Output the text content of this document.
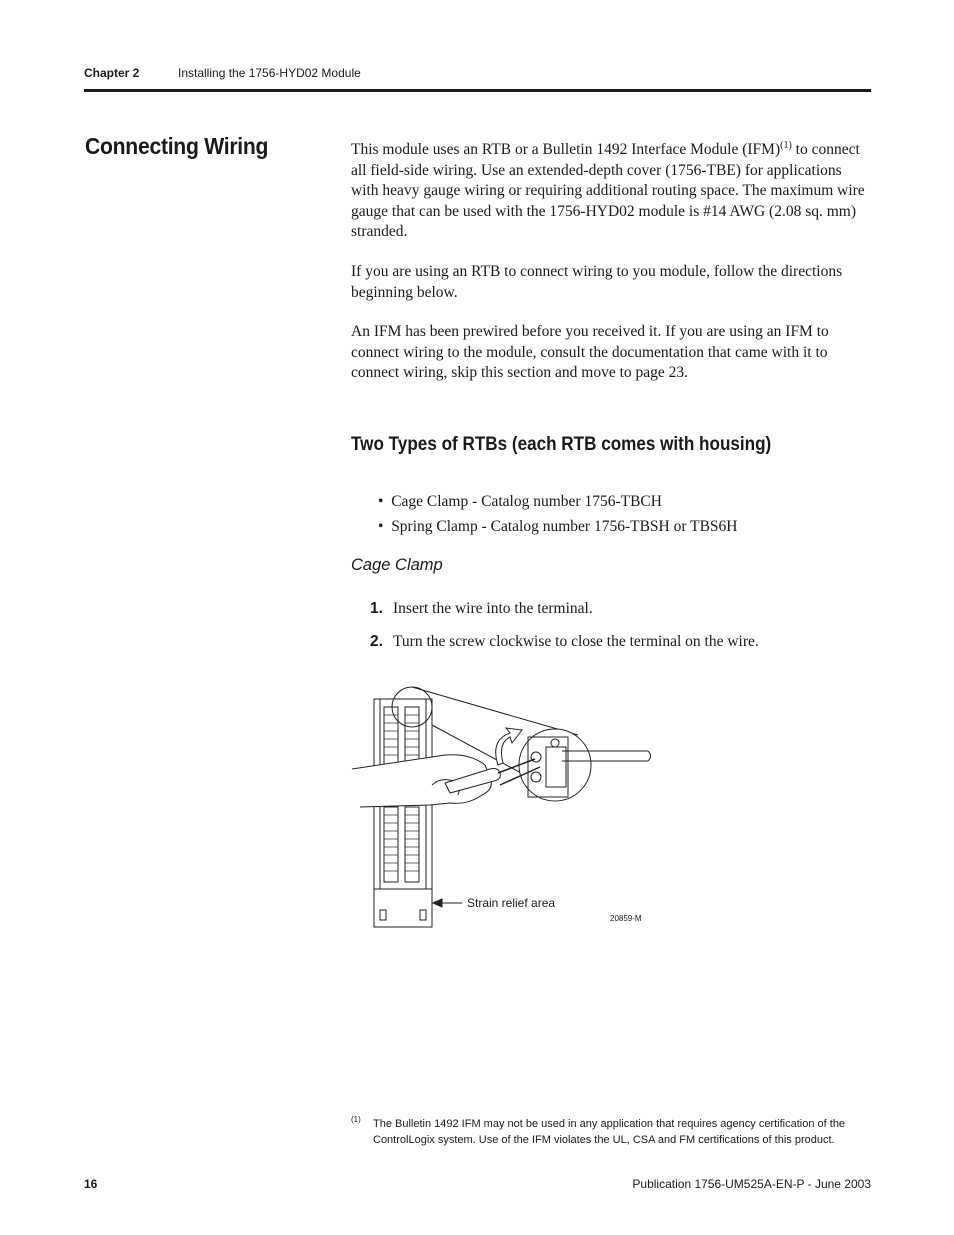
Chapter 2	Installing the 1756-HYD02 Module
Connecting Wiring	This module uses an RTB or a Bulletin 1492 Interface Module (IFM)$^{(1)}$ to connect all field-side wiring. Use an extended-depth cover (1756-TBE) for applications with heavy gauge wiring or requiring additional routing space. The maximum wire gauge that can be used with the 1756-HYD02 module is #14 AWG (2.08 sq. mm) stranded.

If you are using an RTB to connect wiring to you module, follow the directions beginning below.

An IFM has been prewired before you received it. If you are using an IFM to connect wiring to the module, consult the documentation that came with it to connect wiring, skip this section and move to page 23.

Two Types of RTBs (each RTB comes with housing)
•  Cage Clamp - Catalog number 1756-TBCH
•  Spring Clamp - Catalog number 1756-TBSH or TBS6H
Cage Clamp
1. Insert the wire into the terminal.
2. Turn the screw clockwise to close the terminal on the wire.
Strain relief area
20859-M
(1) The Bulletin 1492 IFM may not be used in any application that requires agency certification of the ControlLogix system. Use of the IFM violates the UL, CSA and FM certifications of this product.

16	Publication 1756-UM525A-EN-P - June 2003
